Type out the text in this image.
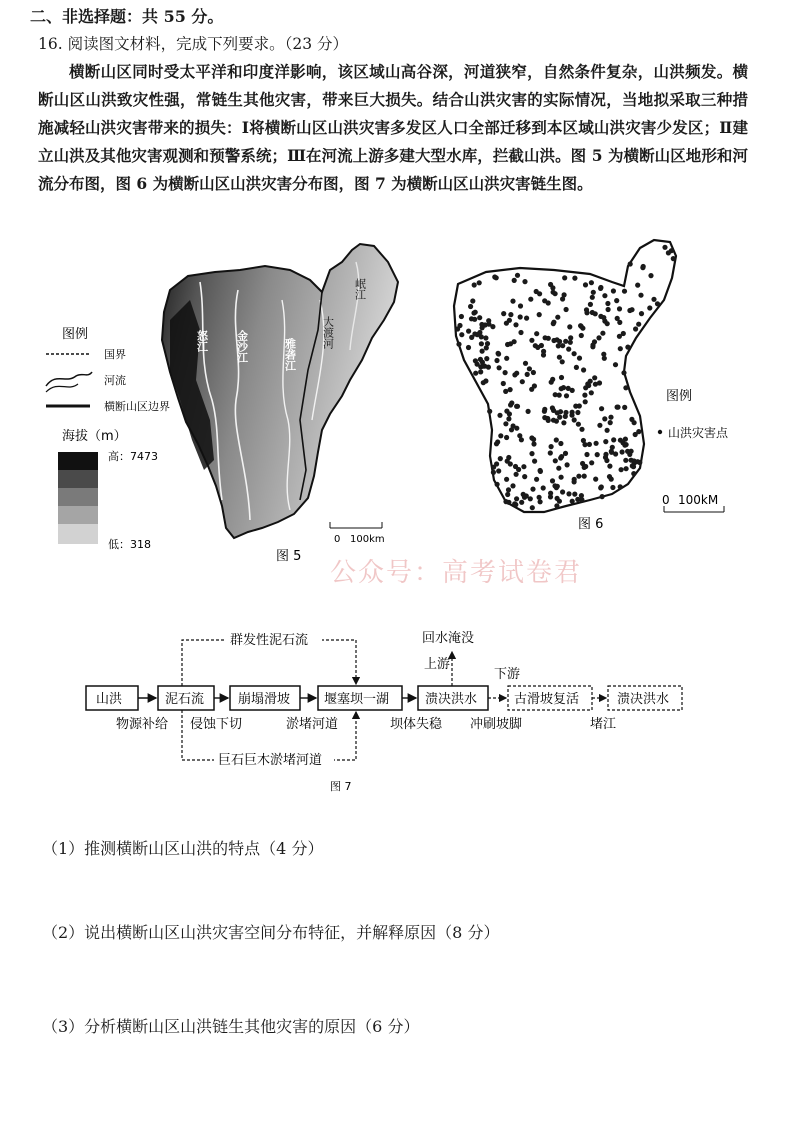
二、非选择题：共 55 分。
16. 阅读图文材料，完成下列要求。（23 分）

横断山区同时受太平洋和印度洋影响，该区域山高谷深，河道狭窄，自然条件复杂，山洪频发。横断山区山洪致灾性强，常链生其他灾害，带来巨大损失。结合山洪灾害的实际情况，当地拟采取三种措施减轻山洪灾害带来的损失：Ⅰ将横断山区山洪灾害多发区人口全部迁移到本区域山洪灾害少发区；Ⅱ建立山洪及其他灾害观测和预警系统；Ⅲ在河流上游多建大型水库，拦截山洪。图 5 为横断山区地形和河流分布图，图 6 为横断山区山洪灾害分布图，图 7 为横断山区山洪灾害链生图。

怒江 金沙江	雅砻江
大渡河
岷江
图例
国界
河流
横断山区边界
海拔（m）
高：7473
低：318	0 100km
图 5
图例
山洪灾害点
0 100kM
图 6
山洪	泥石流	崩塌滑坡	堰塞坝一湖	溃决洪水	古滑坡复活	溃决洪水
群发性泥石流
巨石巨木淤堵河道
回水淹没
上游
下游
物源补给 侵蚀下切	淤堵河道	坝体失稳 冲刷坡脚	堵江
图 7
公众号：高考试卷君
（1）推测横断山区山洪的特点（4 分）
（2）说出横断山区山洪灾害空间分布特征，并解释原因（8 分）
（3）分析横断山区山洪链生其他灾害的原因（6 分）
